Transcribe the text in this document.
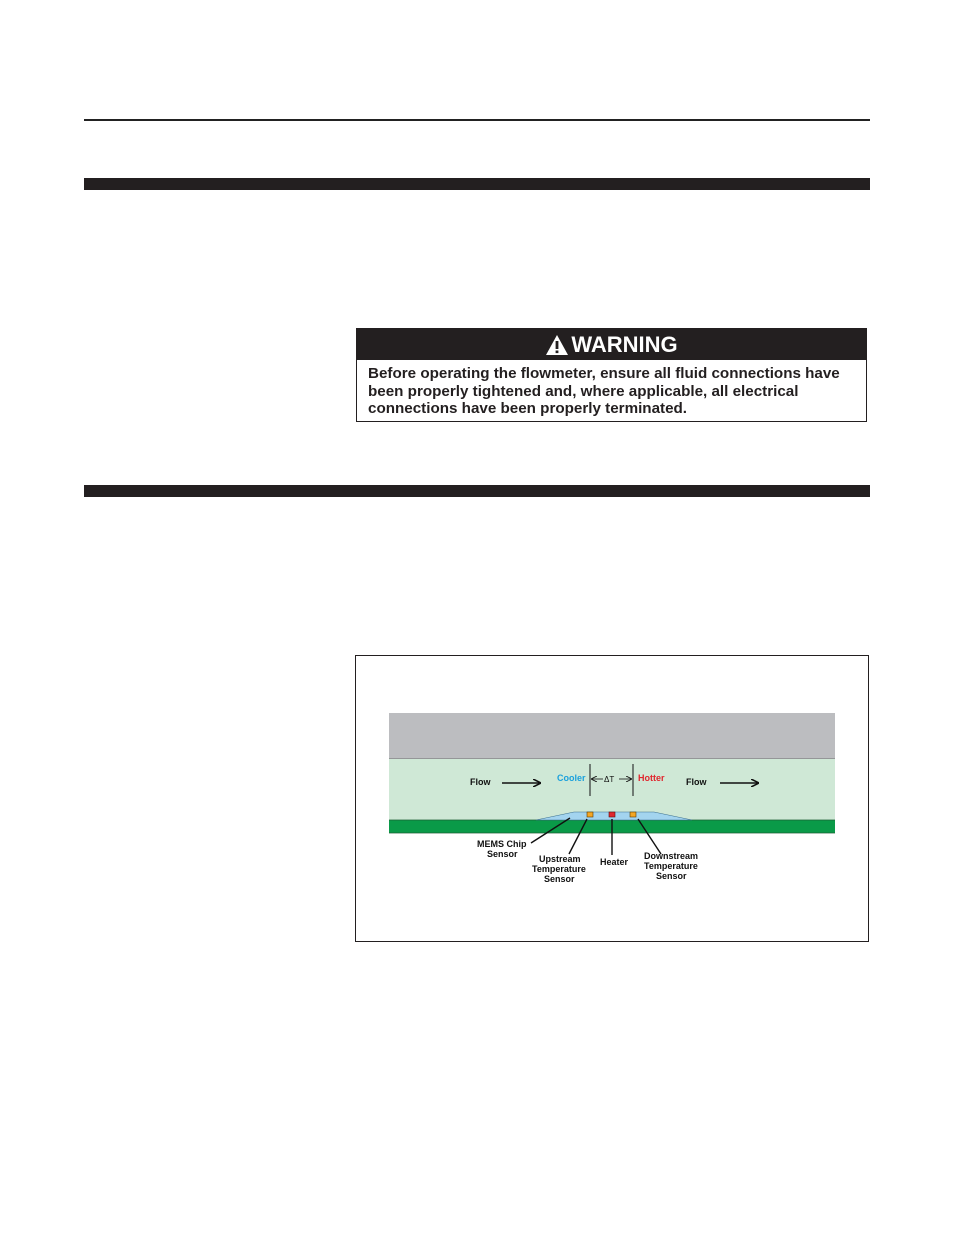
WARNING
Before operating the flowmeter, ensure all fluid connections have been properly tightened and, where applicable, all electrical connections have been properly terminated.
Flow	Flow
Cooler	Hotter
ΔT
MEMS Chip
Sensor Upstream
Temperature
Sensor
Heater
Downstream
Temperature
Sensor
